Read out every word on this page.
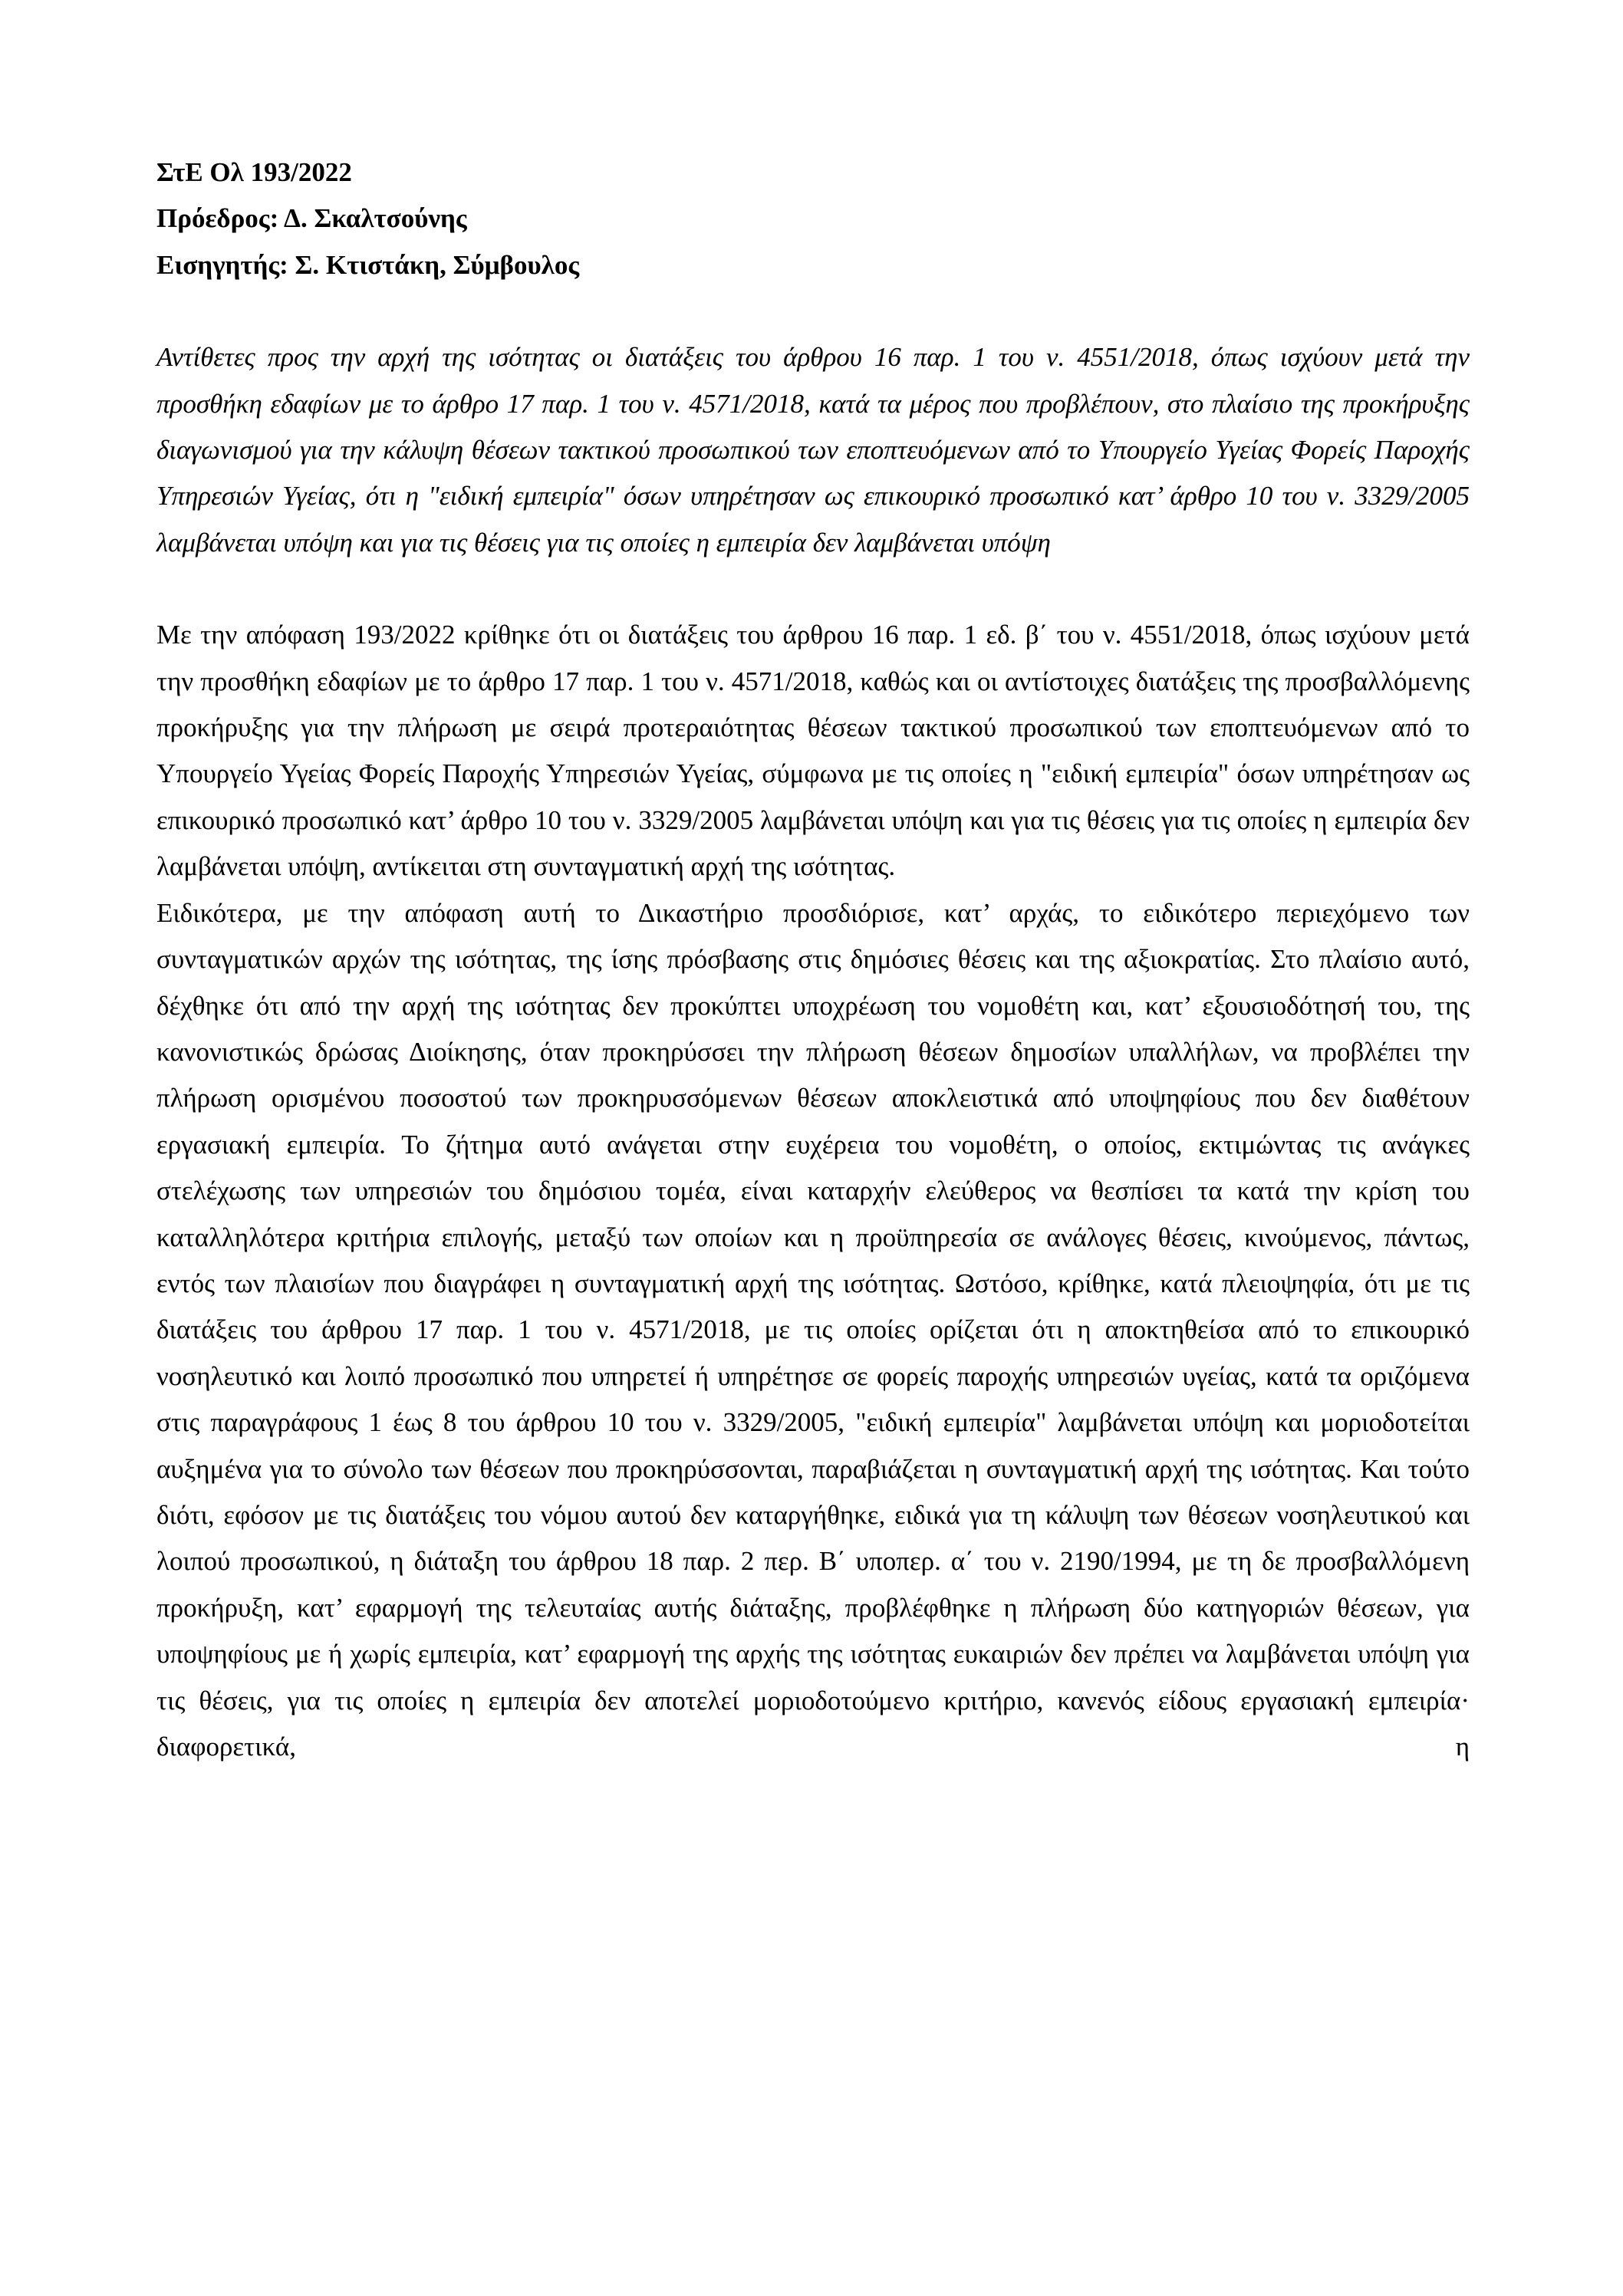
ΣτΕ Ολ 193/2022

Πρόεδρος: Δ. Σκαλτσούνης

Εισηγητής: Σ. Κτιστάκη, Σύμβουλος

Αντίθετες προς την αρχή της ισότητας οι διατάξεις του άρθρου 16 παρ. 1 του ν. 4551/2018, όπως ισχύουν μετά την προσθήκη εδαφίων με το άρθρο 17 παρ. 1 του ν. 4571/2018, κατά τα μέρος που προβλέπουν, στο πλαίσιο της προκήρυξης διαγωνισμού για την κάλυψη θέσεων τακτικού προσωπικού των εποπτευόμενων από το Υπουργείο Υγείας Φορείς Παροχής Υπηρεσιών Υγείας, ότι η "ειδική εμπειρία" όσων υπηρέτησαν ως επικουρικό προσωπικό κατ’ άρθρο 10 του ν. 3329/2005 λαμβάνεται υπόψη και για τις θέσεις για τις οποίες η εμπειρία δεν λαμβάνεται υπόψη

Με την απόφαση 193/2022 κρίθηκε ότι οι διατάξεις του άρθρου 16 παρ. 1 εδ. β΄ του ν. 4551/2018, όπως ισχύουν μετά την προσθήκη εδαφίων με το άρθρο 17 παρ. 1 του ν. 4571/2018, καθώς και οι αντίστοιχες διατάξεις της προσβαλλόμενης προκήρυξης για την πλήρωση με σειρά προτεραιότητας θέσεων τακτικού προσωπικού των εποπτευόμενων από το Υπουργείο Υγείας Φορείς Παροχής Υπηρεσιών Υγείας, σύμφωνα με τις οποίες η "ειδική εμπειρία" όσων υπηρέτησαν ως επικουρικό προσωπικό κατ’ άρθρο 10 του ν. 3329/2005 λαμβάνεται υπόψη και για τις θέσεις για τις οποίες η εμπειρία δεν λαμβάνεται υπόψη, αντίκειται στη συνταγματική αρχή της ισότητας.

Ειδικότερα, με την απόφαση αυτή το Δικαστήριο προσδιόρισε, κατ’ αρχάς, το ειδικότερο περιεχόμενο των συνταγματικών αρχών της ισότητας, της ίσης πρόσβασης στις δημόσιες θέσεις και της αξιοκρατίας. Στο πλαίσιο αυτό, δέχθηκε ότι από την αρχή της ισότητας δεν προκύπτει υποχρέωση του νομοθέτη και, κατ’ εξουσιοδότησή του, της κανονιστικώς δρώσας Διοίκησης, όταν προκηρύσσει την πλήρωση θέσεων δημοσίων υπαλλήλων, να προβλέπει την πλήρωση ορισμένου ποσοστού των προκηρυσσόμενων θέσεων αποκλειστικά από υποψηφίους που δεν διαθέτουν εργασιακή εμπειρία. Το ζήτημα αυτό ανάγεται στην ευχέρεια του νομοθέτη, ο οποίος, εκτιμώντας τις ανάγκες στελέχωσης των υπηρεσιών του δημόσιου τομέα, είναι καταρχήν ελεύθερος να θεσπίσει τα κατά την κρίση του καταλληλότερα κριτήρια επιλογής, μεταξύ των οποίων και η προϋπηρεσία σε ανάλογες θέσεις, κινούμενος, πάντως, εντός των πλαισίων που διαγράφει η συνταγματική αρχή της ισότητας. Ωστόσο, κρίθηκε, κατά πλειοψηφία, ότι με τις διατάξεις του άρθρου 17 παρ. 1 του ν. 4571/2018, με τις οποίες ορίζεται ότι η αποκτηθείσα από το επικουρικό νοσηλευτικό και λοιπό προσωπικό που υπηρετεί ή υπηρέτησε σε φορείς παροχής υπηρεσιών υγείας, κατά τα οριζόμενα στις παραγράφους 1 έως 8 του άρθρου 10 του ν. 3329/2005, "ειδική εμπειρία" λαμβάνεται υπόψη και μοριοδοτείται αυξημένα για το σύνολο των θέσεων που προκηρύσσονται, παραβιάζεται η συνταγματική αρχή της ισότητας. Και τούτο διότι, εφόσον με τις διατάξεις του νόμου αυτού δεν καταργήθηκε, ειδικά για τη κάλυψη των θέσεων νοσηλευτικού και λοιπού προσωπικού, η διάταξη του άρθρου 18 παρ. 2 περ. Β΄ υποπερ. α΄ του ν. 2190/1994, με τη δε προσβαλλόμενη προκήρυξη, κατ’ εφαρμογή της τελευταίας αυτής διάταξης, προβλέφθηκε η πλήρωση δύο κατηγοριών θέσεων, για υποψηφίους με ή χωρίς εμπειρία, κατ’ εφαρμογή της αρχής της ισότητας ευκαιριών δεν πρέπει να λαμβάνεται υπόψη για τις θέσεις, για τις οποίες η εμπειρία δεν αποτελεί μοριοδοτούμενο κριτήριο, κανενός είδους εργασιακή εμπειρία· διαφορετικά, η
